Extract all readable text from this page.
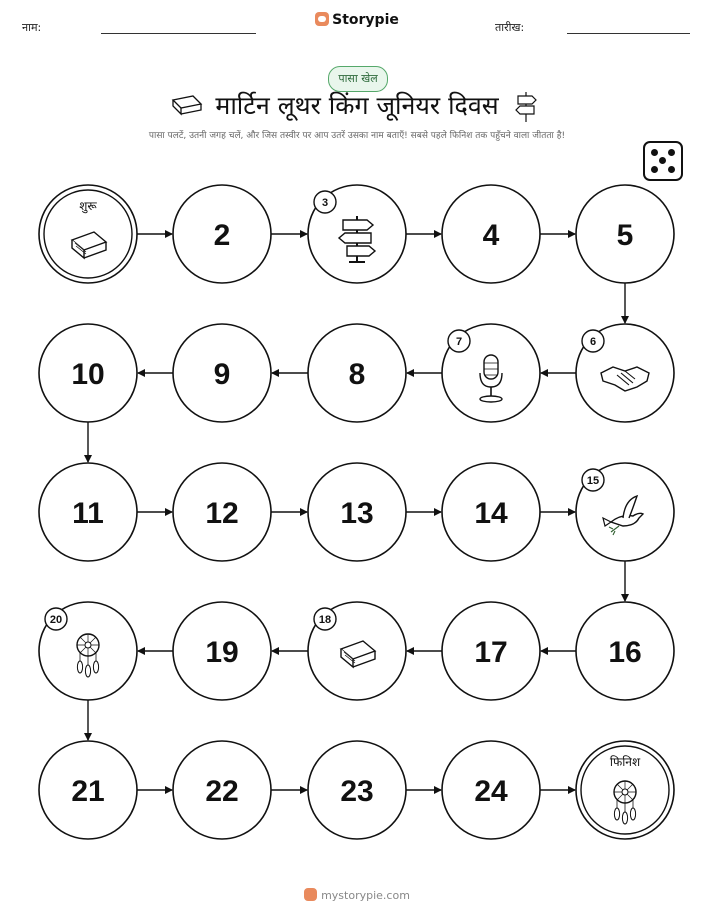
नाम:	Storypie	तारीख:
पासा खेल
मार्टिन लूथर किंग जूनियर दिवस
पासा पलटें, उतनी जगह चलें, और जिस तस्वीर पर आप उतरें उसका नाम बताएँ! सबसे पहले फिनिश तक पहुँचने वाला जीतता है!
शुरू
2
3
4	5
6
7
8
9
10
11	12	13	14
15
16
17
18
19
20
21	22	23	24
फिनिश
mystorypie.com
